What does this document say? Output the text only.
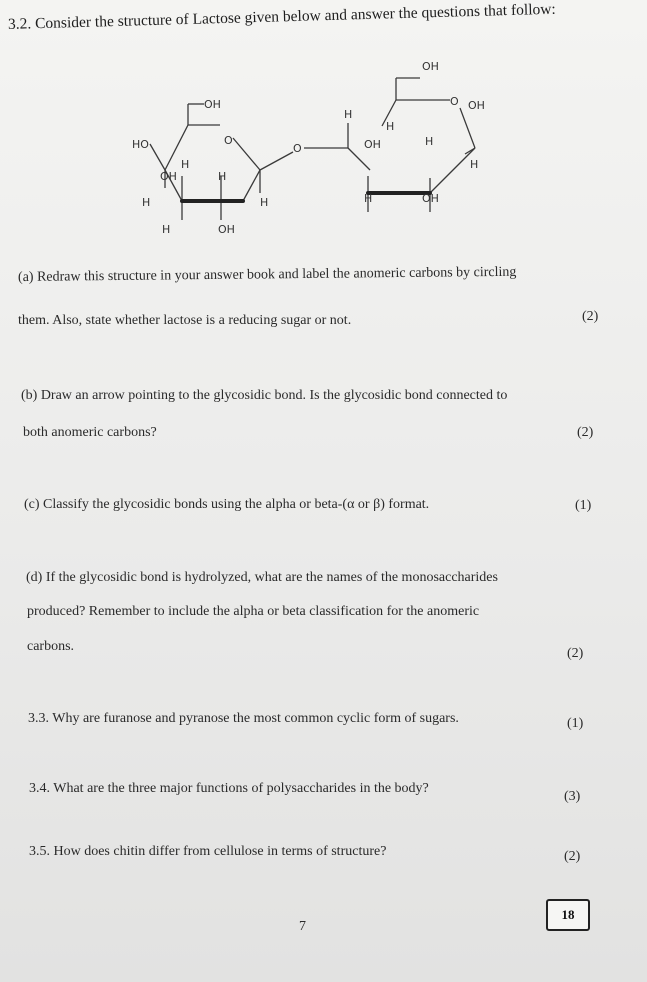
3.2. Consider the structure of Lactose given below and answer the questions that follow:
OH
HO	O
H
OH	H
H
H	OH
H
O
OH
O OH
H
H
OH	H
H
H	OH
(a) Redraw this structure in your answer book and label the anomeric carbons by circling
them. Also, state whether lactose is a reducing sugar or not.	(2)
(b) Draw an arrow pointing to the glycosidic bond. Is the glycosidic bond connected to
both anomeric carbons?	(2)
(c) Classify the glycosidic bonds using the alpha or beta-(α or β) format.	(1)
(d) If the glycosidic bond is hydrolyzed, what are the names of the monosaccharides
produced? Remember to include the alpha or beta classification for the anomeric
carbons.	(2)
3.3. Why are furanose and pyranose the most common cyclic form of sugars.	(1)
3.4. What are the three major functions of polysaccharides in the body?
(3)
3.5. How does chitin differ from cellulose in terms of structure?	(2)
18
7
